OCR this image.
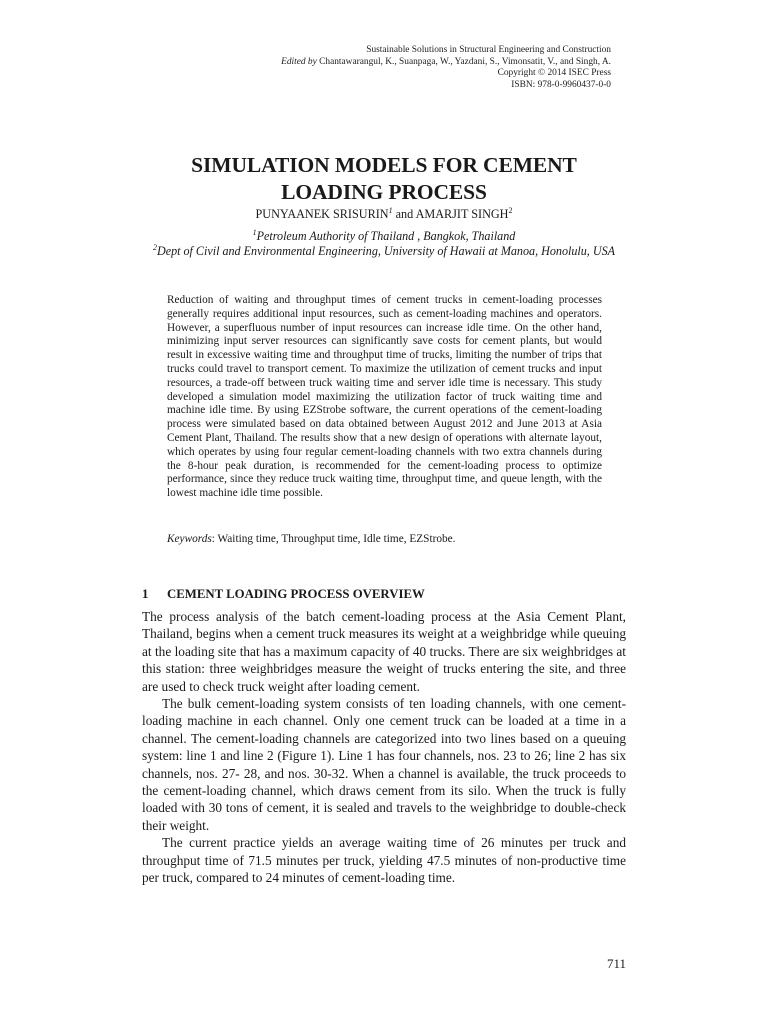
Sustainable Solutions in Structural Engineering and Construction
Edited by Chantawarangul, K., Suanpaga, W., Yazdani, S., Vimonsatit, V., and Singh, A.
Copyright © 2014 ISEC Press
ISBN: 978-0-9960437-0-0
SIMULATION MODELS FOR CEMENT LOADING PROCESS
PUNYAANEK SRISURIN$^1$ and AMARJIT SINGH$^2$
$^1$Petroleum Authority of Thailand , Bangkok, Thailand
$^2$Dept of Civil and Environmental Engineering, University of Hawaii at Manoa, Honolulu, USA

Reduction of waiting and throughput times of cement trucks in cement-loading processes generally requires additional input resources, such as cement-loading machines and operators. However, a superfluous number of input resources can increase idle time. On the other hand, minimizing input server resources can significantly save costs for cement plants, but would result in excessive waiting time and throughput time of trucks, limiting the number of trips that trucks could travel to transport cement. To maximize the utilization of cement trucks and input resources, a trade-off between truck waiting time and server idle time is necessary. This study developed a simulation model maximizing the utilization factor of truck waiting time and machine idle time. By using EZStrobe software, the current operations of the cement-loading process were simulated based on data obtained between August 2012 and June 2013 at Asia Cement Plant, Thailand. The results show that a new design of operations with alternate layout, which operates by using four regular cement-loading channels with two extra channels during the 8-hour peak duration, is recommended for the cement-loading process to optimize performance, since they reduce truck waiting time, throughput time, and queue length, with the lowest machine idle time possible.

Keywords: Waiting time, Throughput time, Idle time, EZStrobe.
1 CEMENT LOADING PROCESS OVERVIEW

The process analysis of the batch cement-loading process at the Asia Cement Plant, Thailand, begins when a cement truck measures its weight at a weighbridge while queuing at the loading site that has a maximum capacity of 40 trucks. There are six weighbridges at this station: three weighbridges measure the weight of trucks entering the site, and three are used to check truck weight after loading cement.

The bulk cement-loading system consists of ten loading channels, with one cement-loading machine in each channel. Only one cement truck can be loaded at a time in a channel. The cement-loading channels are categorized into two lines based on a queuing system: line 1 and line 2 (Figure 1). Line 1 has four channels, nos. 23 to 26; line 2 has six channels, nos. 27- 28, and nos. 30-32. When a channel is available, the truck proceeds to the cement-loading channel, which draws cement from its silo. When the truck is fully loaded with 30 tons of cement, it is sealed and travels to the weighbridge to double-check their weight.

The current practice yields an average waiting time of 26 minutes per truck and throughput time of 71.5 minutes per truck, yielding 47.5 minutes of non-productive time per truck, compared to 24 minutes of cement-loading time.

711
